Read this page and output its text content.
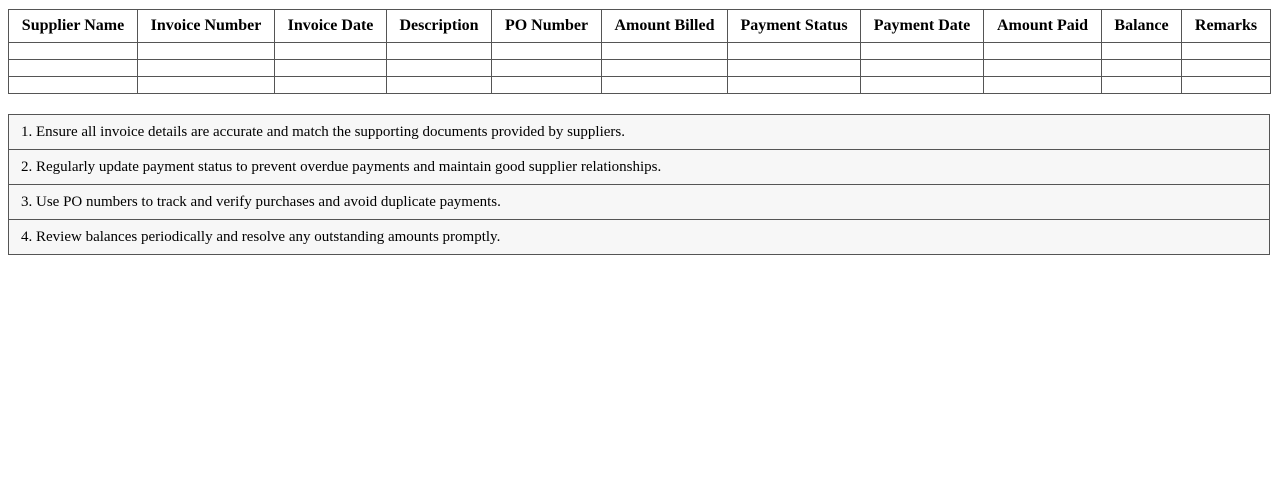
Supplier Name	Invoice Number	Invoice Date	Description	PO Number	Amount Billed	Payment Status	Payment Date	Amount Paid	Balance	Remarks

1. Ensure all invoice details are accurate and match the supporting documents provided by suppliers.
2. Regularly update payment status to prevent overdue payments and maintain good supplier relationships.
3. Use PO numbers to track and verify purchases and avoid duplicate payments.
4. Review balances periodically and resolve any outstanding amounts promptly.
